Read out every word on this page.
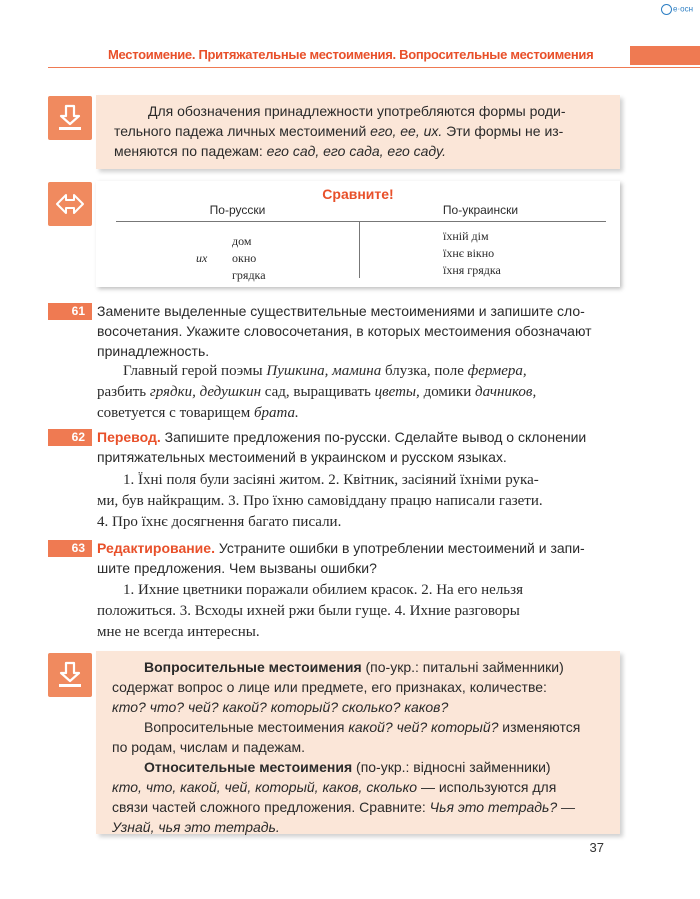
е·осн
Местоимение. Притяжательные местоимения. Вопросительные местоимения

Для обозначения принадлежности употребляются формы роди-

тельного падежа личных местоимений его, ее, их. Эти формы не из-

меняются по падежам: его сад, его сада, его саду.

Сравните!
По-русски	По-украински
их
дом
окно
грядка
їхній дім
їхнє вікно
їхня грядка
61 Замените выделенные существительные местоимениями и запишите сло-
восочетания. Укажите словосочетания, в которых местоимения обозначают
принадлежность.
Главный герой поэмы Пушкина, мамина блузка, поле фермера,
разбить грядки, дедушкин сад, выращивать цветы, домики дачников,
советуется с товарищем брата.
62 Перевод. Запишите предложения по-русски. Сделайте вывод о склонении
притяжательных местоимений в украинском и русском языках.
1. Їхні поля були засіяні житом. 2. Квітник, засіяний їхніми рука-
ми, був найкращим. 3. Про їхню самовіддану працю написали газети.
4. Про їхнє досягнення багато писали.
63 Редактирование. Устраните ошибки в употреблении местоимений и запи-
шите предложения. Чем вызваны ошибки?
1. Ихние цветники поражали обилием красок. 2. На его нельзя
положиться. 3. Всходы ихней ржи были гуще. 4. Ихние разговоры
мне не всегда интересны.

Вопросительные местоимения (по-укр.: питальні займенники)

содержат вопрос о лице или предмете, его признаках, количестве:

кто? что? чей? какой? который? сколько? каков?

Вопросительные местоимения какой? чей? который? изменяются

по родам, числам и падежам.

Относительные местоимения (по-укр.: відносні займенники)

кто, что, какой, чей, который, каков, сколько — используются для

связи частей сложного предложения. Сравните: Чья это тетрадь? —

Узнай, чья это тетрадь.

37
